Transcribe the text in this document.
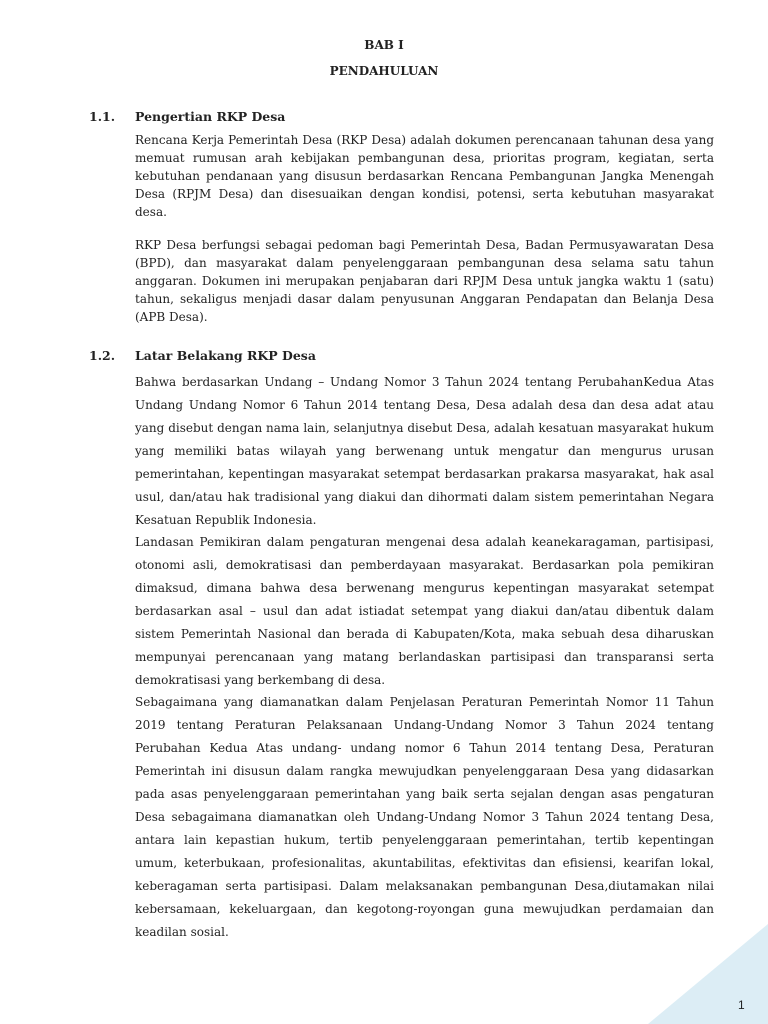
BAB I
PENDAHULUAN
1.1. Pengertian RKP Desa

Rencana Kerja Pemerintah Desa (RKP Desa) adalah dokumen perencanaan tahunan desa yang memuat rumusan arah kebijakan pembangunan desa, prioritas program, kegiatan, serta kebutuhan pendanaan yang disusun berdasarkan Rencana Pembangunan Jangka Menengah Desa (RPJM Desa) dan disesuaikan dengan kondisi, potensi, serta kebutuhan masyarakat desa.

RKP Desa berfungsi sebagai pedoman bagi Pemerintah Desa, Badan Permusyawaratan Desa (BPD), dan masyarakat dalam penyelenggaraan pembangunan desa selama satu tahun anggaran. Dokumen ini merupakan penjabaran dari RPJM Desa untuk jangka waktu 1 (satu) tahun, sekaligus menjadi dasar dalam penyusunan Anggaran Pendapatan dan Belanja Desa (APB Desa).

1.2. Latar Belakang RKP Desa

Bahwa berdasarkan Undang – Undang Nomor 3 Tahun 2024 tentang PerubahanKedua Atas Undang Undang Nomor 6 Tahun 2014 tentang Desa, Desa adalah desa dan desa adat atau yang disebut dengan nama lain, selanjutnya disebut Desa, adalah kesatuan masyarakat hukum yang memiliki batas wilayah yang berwenang untuk mengatur dan mengurus urusan pemerintahan, kepentingan masyarakat setempat berdasarkan prakarsa masyarakat, hak asal usul, dan/atau hak tradisional yang diakui dan dihormati dalam sistem pemerintahan Negara Kesatuan Republik Indonesia.

Landasan Pemikiran dalam pengaturan mengenai desa adalah keanekaragaman, partisipasi, otonomi asli, demokratisasi dan pemberdayaan masyarakat. Berdasarkan pola pemikiran dimaksud, dimana bahwa desa berwenang mengurus kepentingan masyarakat setempat berdasarkan asal – usul dan adat istiadat setempat yang diakui dan/atau dibentuk dalam sistem Pemerintah Nasional dan berada di Kabupaten/Kota, maka sebuah desa diharuskan mempunyai perencanaan yang matang berlandaskan partisipasi dan transparansi serta demokratisasi yang berkembang di desa.

Sebagaimana yang diamanatkan dalam Penjelasan Peraturan Pemerintah Nomor 11 Tahun 2019 tentang Peraturan Pelaksanaan Undang-Undang Nomor 3 Tahun 2024 tentang Perubahan Kedua Atas undang- undang nomor 6 Tahun 2014 tentang Desa, Peraturan Pemerintah ini disusun dalam rangka mewujudkan penyelenggaraan Desa yang didasarkan pada asas penyelenggaraan pemerintahan yang baik serta sejalan dengan asas pengaturan Desa sebagaimana diamanatkan oleh Undang-Undang Nomor 3 Tahun 2024 tentang Desa, antara lain kepastian hukum, tertib penyelenggaraan pemerintahan, tertib kepentingan umum, keterbukaan, profesionalitas, akuntabilitas, efektivitas dan efisiensi, kearifan lokal, keberagaman serta partisipasi. Dalam melaksanakan pembangunan Desa,diutamakan nilai kebersamaan, kekeluargaan, dan kegotong-royongan guna mewujudkan perdamaian dan keadilan sosial.

1
